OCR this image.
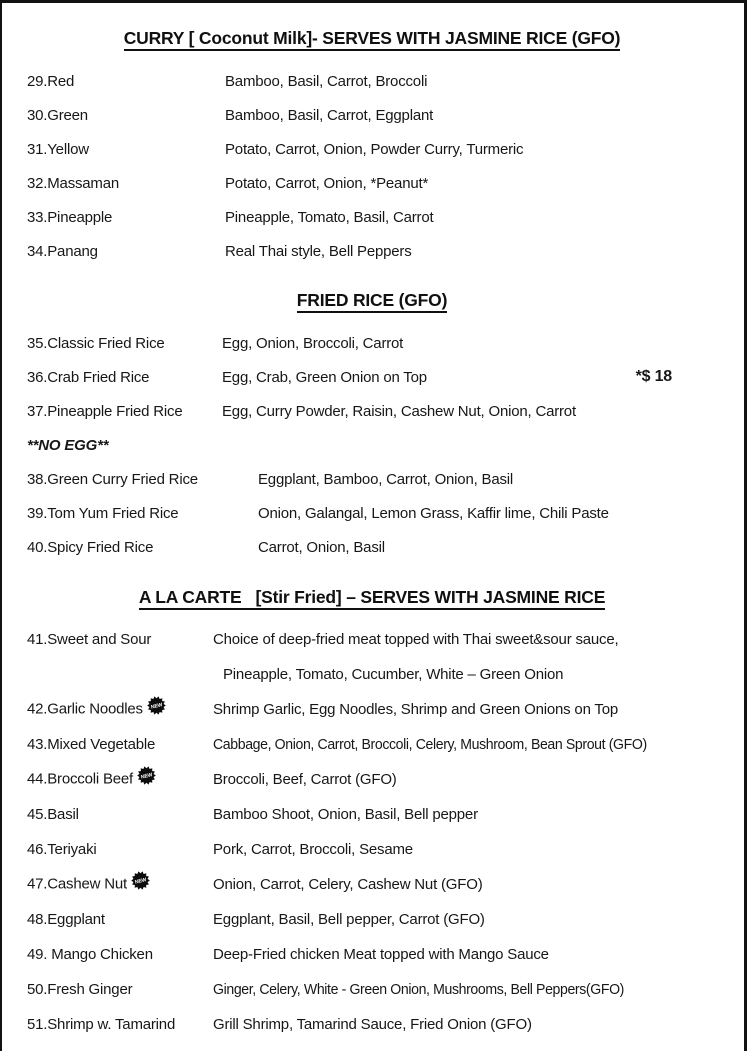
CURRY [ Coconut Milk]- SERVES WITH JASMINE RICE (GFO)
29.Red	Bamboo, Basil, Carrot, Broccoli
30.Green	Bamboo, Basil, Carrot, Eggplant
31.Yellow	Potato, Carrot, Onion, Powder Curry, Turmeric
32.Massaman	Potato, Carrot, Onion, *Peanut*
33.Pineapple	Pineapple, Tomato, Basil, Carrot
34.Panang	Real Thai style, Bell Peppers
FRIED RICE (GFO)
35.Classic Fried Rice	Egg, Onion, Broccoli, Carrot
36.Crab Fried Rice	Egg, Crab, Green Onion on Top	*$ 18
37.Pineapple Fried Rice	Egg, Curry Powder, Raisin, Cashew Nut, Onion, Carrot
**NO EGG**
38.Green Curry Fried Rice	Eggplant, Bamboo, Carrot, Onion, Basil
39.Tom Yum Fried Rice	Onion, Galangal, Lemon Grass, Kaffir lime, Chili Paste
40.Spicy Fried Rice	Carrot, Onion, Basil
A LA CARTE   [Stir Fried] – SERVES WITH JASMINE RICE
41.Sweet and Sour	Choice of deep-fried meat topped with Thai sweet&sour sauce,
Pineapple, Tomato, Cucumber, White – Green Onion
42.Garlic Noodles NEW	Shrimp Garlic, Egg Noodles, Shrimp and Green Onions on Top
43.Mixed Vegetable	Cabbage, Onion, Carrot, Broccoli, Celery, Mushroom, Bean Sprout (GFO)
44.Broccoli Beef NEW	Broccoli, Beef, Carrot (GFO)
45.Basil	Bamboo Shoot, Onion, Basil, Bell pepper
46.Teriyaki	Pork, Carrot, Broccoli, Sesame
47.Cashew Nut NEW	Onion, Carrot, Celery, Cashew Nut (GFO)
48.Eggplant	Eggplant, Basil, Bell pepper, Carrot (GFO)
49. Mango Chicken	Deep-Fried chicken Meat topped with Mango Sauce
50.Fresh Ginger	Ginger, Celery, White - Green Onion, Mushrooms, Bell Peppers(GFO)
51.Shrimp w. Tamarind	Grill Shrimp, Tamarind Sauce, Fried Onion (GFO)
